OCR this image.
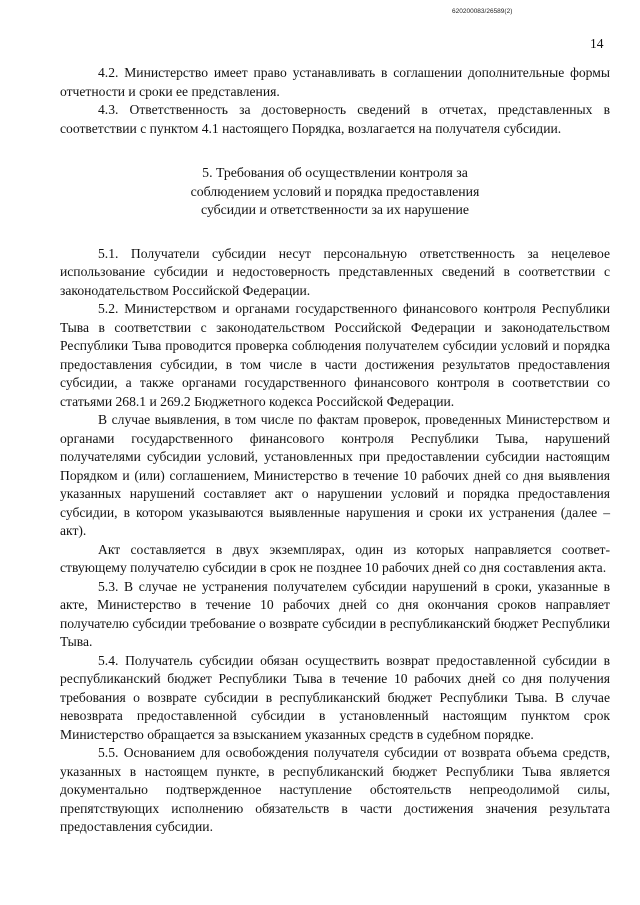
620200083/26589(2)
14

4.2. Министерство имеет право устанавливать в соглашении дополнительные формы отчетности и сроки ее представления.

4.3. Ответственность за достоверность сведений в отчетах, представленных в соответствии с пунктом 4.1 настоящего Порядка, возлагается на получателя субсидии.

5. Требования об осуществлении контроля за
соблюдением условий и порядка предоставления
субсидии и ответственности за их нарушение

5.1. Получатели субсидии несут персональную ответственность за нецелевое использование субсидии и недостоверность представленных сведений в соответствии с законодательством Российской Федерации.

5.2. Министерством и органами государственного финансового контроля Республики Тыва в соответствии с законодательством Российской Федерации и законодательством Республики Тыва проводится проверка соблюдения получателем субсидии условий и порядка предоставления субсидии, в том числе в части достижения результатов предоставления субсидии, а также органами государственного финансового контроля в соответствии со статьями 268.1 и 269.2 Бюджетного кодекса Российской Федерации.

В случае выявления, в том числе по фактам проверок, проведенных Министерством и органами государственного финансового контроля Республики Тыва, нарушений получателями субсидии условий, установленных при предоставлении субсидии настоящим Порядком и (или) соглашением, Министерство в течение 10 рабочих дней со дня выявления указанных нарушений составляет акт о нарушении условий и порядка предоставления субсидии, в котором указываются выявленные нарушения и сроки их устранения (далее – акт).

Акт составляется в двух экземплярах, один из которых направляется соответствующему получателю субсидии в срок не позднее 10 рабочих дней со дня составления акта.

5.3. В случае не устранения получателем субсидии нарушений в сроки, указанные в акте, Министерство в течение 10 рабочих дней со дня окончания сроков направляет получателю субсидии требование о возврате субсидии в республиканский бюджет Республики Тыва.

5.4. Получатель субсидии обязан осуществить возврат предоставленной субсидии в республиканский бюджет Республики Тыва в течение 10 рабочих дней со дня получения требования о возврате субсидии в республиканский бюджет Республики Тыва. В случае невозврата предоставленной субсидии в установленный настоящим пунктом срок Министерство обращается за взысканием указанных средств в судебном порядке.

5.5. Основанием для освобождения получателя субсидии от возврата объема средств, указанных в настоящем пункте, в республиканский бюджет Республики Тыва является документально подтвержденное наступление обстоятельств непреодолимой силы, препятствующих исполнению обязательств в части достижения значения результата предоставления субсидии.
